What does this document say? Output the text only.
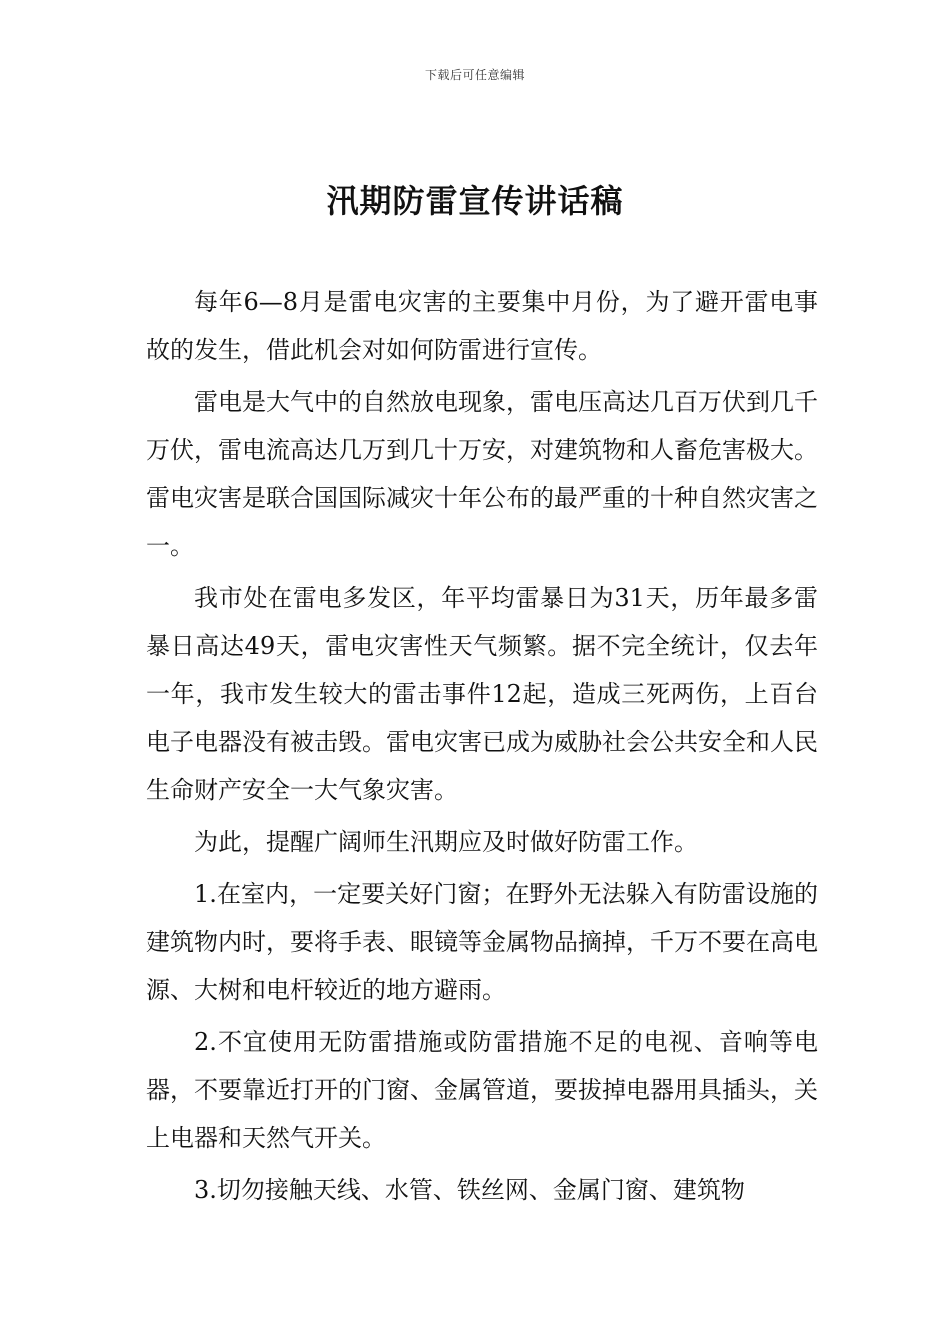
下载后可任意编辑
汛期防雷宣传讲话稿

每年6—8月是雷电灾害的主要集中月份，为了避开雷电事故的发生，借此机会对如何防雷进行宣传。

雷电是大气中的自然放电现象，雷电压高达几百万伏到几千万伏，雷电流高达几万到几十万安，对建筑物和人畜危害极大。雷电灾害是联合国国际减灾十年公布的最严重的十种自然灾害之一。

我市处在雷电多发区，年平均雷暴日为31天，历年最多雷暴日高达49天，雷电灾害性天气频繁。据不完全统计，仅去年一年，我市发生较大的雷击事件12起，造成三死两伤，上百台电子电器没有被击毁。雷电灾害已成为威胁社会公共安全和人民生命财产安全一大气象灾害。

为此，提醒广阔师生汛期应及时做好防雷工作。

1.在室内，一定要关好门窗；在野外无法躲入有防雷设施的建筑物内时，要将手表、眼镜等金属物品摘掉，千万不要在高电源、大树和电杆较近的地方避雨。

2.不宜使用无防雷措施或防雷措施不足的电视、音响等电器，不要靠近打开的门窗、金属管道，要拔掉电器用具插头，关上电器和天然气开关。

3.切勿接触天线、水管、铁丝网、金属门窗、建筑物
